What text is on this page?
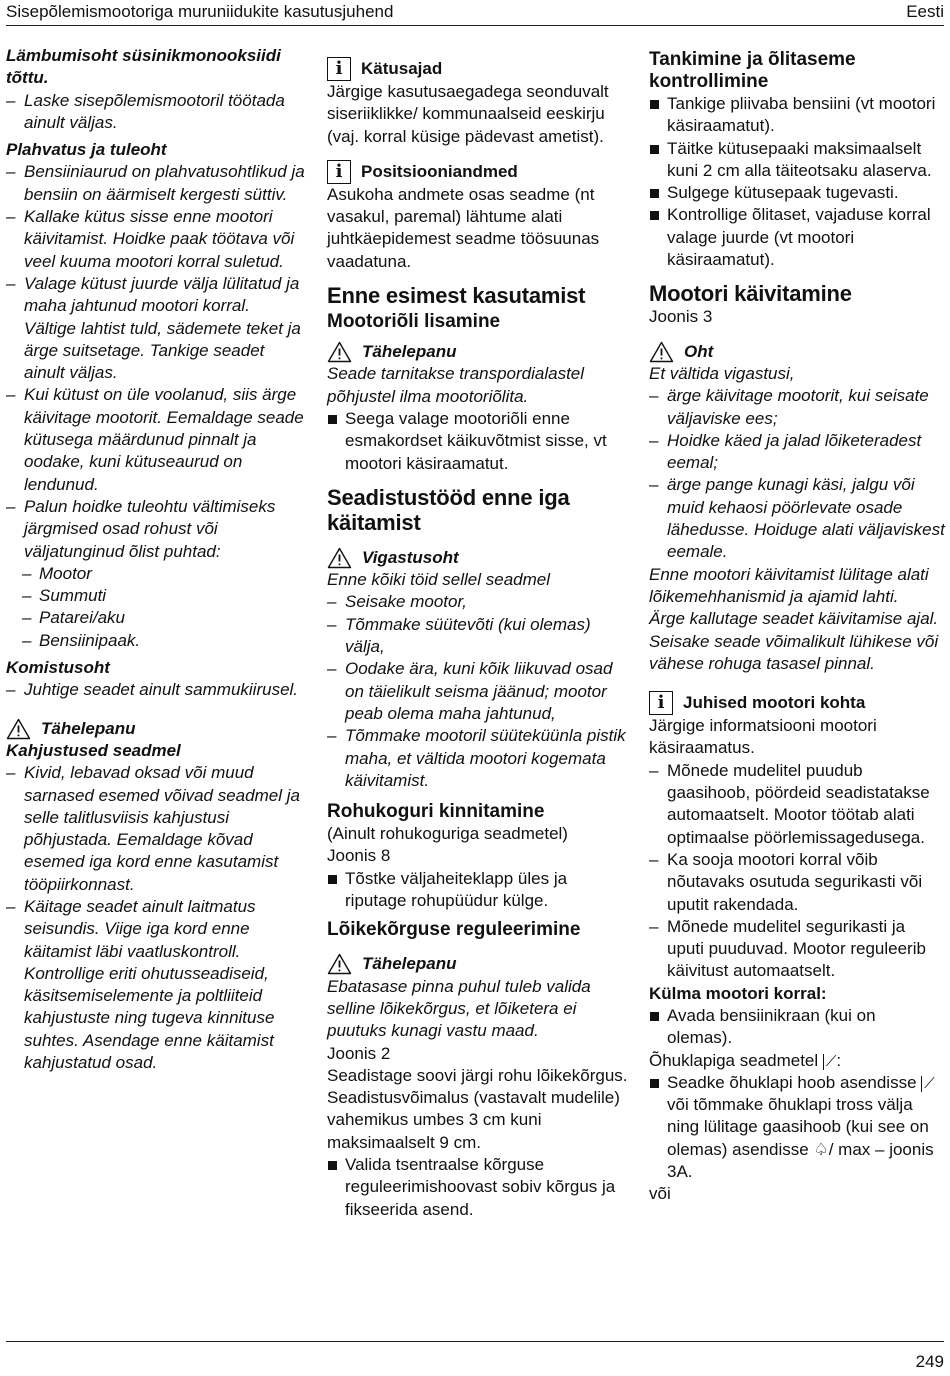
Sisepõlemismootoriga muruniidukite kasutusjuhend	Eesti

Lämbumisoht süsinikmonooksiidi tõttu.

– Laske sisepõlemismootoril töötada ainult väljas.

Plahvatus ja tuleoht

– Bensiiniaurud on plahvatusohtlikud ja bensiin on äärmiselt kergesti süttiv.

– Kallake kütus sisse enne mootori käivitamist. Hoidke paak töötava või veel kuuma mootori korral suletud.

– Valage kütust juurde välja lülitatud ja maha jahtunud mootori korral. Vältige lahtist tuld, sädemete teket ja ärge suitsetage. Tankige seadet ainult väljas.

– Kui kütust on üle voolanud, siis ärge käivitage mootorit. Eemaldage seade kütusega määrdunud pinnalt ja oodake, kuni kütuseaurud on lendunud.

– Palun hoidke tuleohtu vältimiseks järgmised osad rohust või väljatunginud õlist puhtad:

– Mootor

– Summuti

– Patarei/aku

– Bensiinipaak.

Komistusoht

– Juhtige seadet ainult sammukiirusel.

Tähelepanu

Kahjustused seadmel

– Kivid, lebavad oksad või muud sarnased esemed võivad seadmel ja selle talitlusviisis kahjustusi põhjustada. Eemaldage kõvad esemed iga kord enne kasutamist tööpiirkonnast.

– Käitage seadet ainult laitmatus seisundis. Viige iga kord enne käitamist läbi vaatluskontroll. Kontrollige eriti ohutusseadiseid, käsitsemiselemente ja poltliiteid kahjustuste ning tugeva kinnituse suhtes. Asendage enne käitamist kahjustatud osad.

i	Kätusajad

Järgige kasutusaegadega seonduvalt siseriiklikke/ kommunaalseid eeskirju (vaj. korral küsige pädevast ametist).

i	Positsiooniandmed

Asukoha andmete osas seadme (nt vasakul, paremal) lähtume alati juhtkäepidemest seadme töösuunas vaadatuna.

Enne esimest kasutamist

Mootoriõli lisamine

Tähelepanu

Seade tarnitakse transpordialastel põhjustel ilma mootoriõlita.

Seega valage mootoriõli enne esmakordset käikuvõtmist sisse, vt mootori käsiraamatut.

Seadistustööd enne iga käitamist

Vigastusoht

Enne kõiki töid sellel seadmel

– Seisake mootor,

– Tõmmake süütevõti (kui olemas) välja,

– Oodake ära, kuni kõik liikuvad osad on täielikult seisma jäänud; mootor peab olema maha jahtunud,

– Tõmmake mootoril süüteküünla pistik maha, et vältida mootori kogemata käivitamist.

Rohukoguri kinnitamine

(Ainult rohukoguriga seadmetel)

Joonis 8

Tõstke väljaheiteklapp üles ja riputage rohupüüdur külge.

Lõikekõrguse reguleerimine

Tähelepanu

Ebatasase pinna puhul tuleb valida selline lõikekõrgus, et lõiketera ei puutuks kunagi vastu maad.

Joonis 2

Seadistage soovi järgi rohu lõikekõrgus.

Seadistusvõimalus (vastavalt mudelile) vahemikus umbes 3 cm kuni maksimaalselt 9 cm.

Valida tsentraalse kõrguse reguleerimishoovast sobiv kõrgus ja fikseerida asend.

Tankimine ja õlitaseme kontrollimine

Tankige pliivaba bensiini (vt mootori käsiraamatut).

Täitke kütusepaaki maksimaalselt kuni 2 cm alla täiteotsaku alaserva.

Sulgege kütusepaak tugevasti.

Kontrollige õlitaset, vajaduse korral valage juurde (vt mootori käsiraamatut).

Mootori käivitamine

Joonis 3

Oht

Et vältida vigastusi,

– ärge käivitage mootorit, kui seisate väljaviske ees;

– Hoidke käed ja jalad lõiketeradest eemal;

– ärge pange kunagi käsi, jalgu või muid kehaosi pöörlevate osade lähedusse. Hoiduge alati väljaviskest eemale.

Enne mootori käivitamist lülitage alati lõikemehhanismid ja ajamid lahti.

Ärge kallutage seadet käivitamise ajal. Seisake seade võimalikult lühikese või vähese rohuga tasasel pinnal.

i	Juhised mootori kohta

Järgige informatsiooni mootori käsiraamatus.

– Mõnede mudelitel puudub gaasihoob, pöördeid seadistatakse automaatselt. Mootor töötab alati optimaalse pöörlemissagedusega.

– Ka sooja mootori korral võib nõutavaks osutuda segurikasti või uputit rakendada.

– Mõnede mudelitel segurikasti ja uputi puuduvad. Mootor reguleerib käivitust automaatselt.

Külma mootori korral:

Avada bensiinikraan (kui on olemas).

Õhuklapiga seadmetel ⟋:

Seadke õhuklapi hoob asendisse ⟋ või tõmmake õhuklapi tross välja ning lülitage gaasihoob (kui see on olemas) asendisse ♤/ max – joonis 3A.

või

249
